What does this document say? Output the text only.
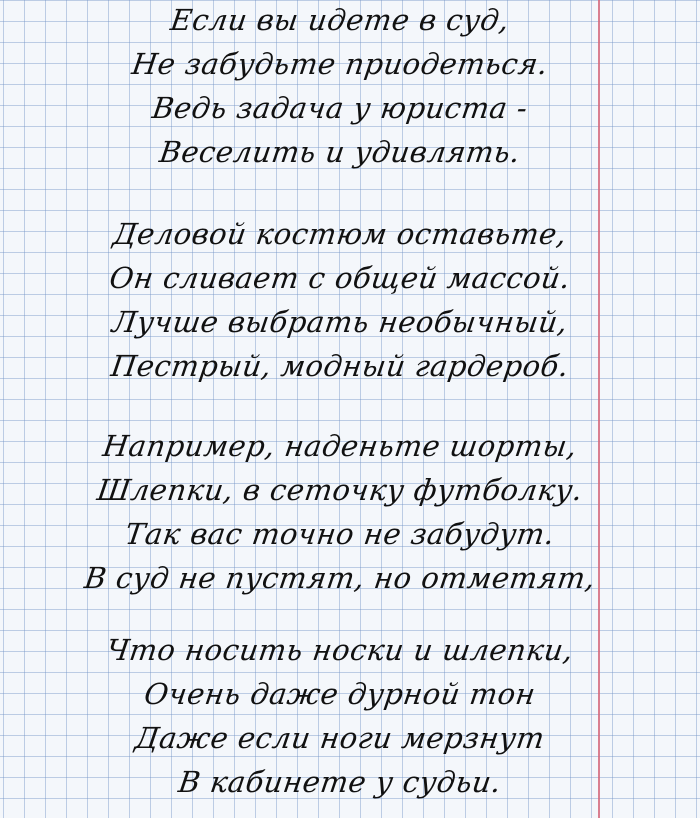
Если вы идете в суд,
Не забудьте приодеться.
Ведь задача у юриста -
Веселить и удивлять.
Деловой костюм оставьте,
Он сливает с общей массой.
Лучше выбрать необычный,
Пестрый, модный гардероб.
Например, наденьте шорты,
Шлепки, в сеточку футболку.
Так вас точно не забудут.
В суд не пустят, но отметят,
Что носить носки и шлепки,
Очень даже дурной тон
Даже если ноги мерзнут
В кабинете у судьи.
